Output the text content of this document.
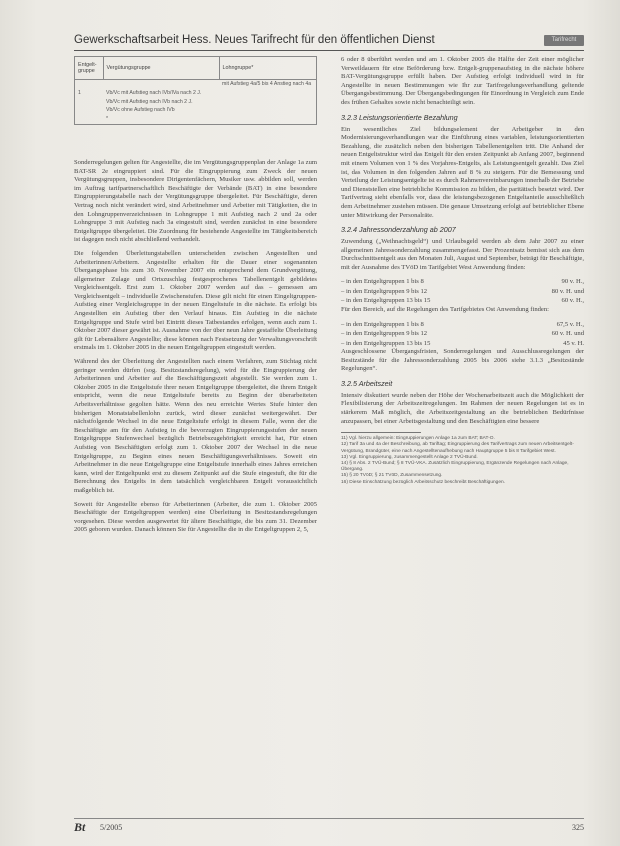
Gewerkschaftsarbeit Hess. Neues Tarifrecht für den öffentlichen Dienst	Tarifrecht
Entgelt-
gruppe	Vergütungsgruppe	Lohngruppe*
		mit Aufstieg 4a/5 bis 4 Anstieg nach 4a
1	Vb/Vc mit Aufstieg nach IVb/IVa nach 2 J.	
	Vb/Vc mit Aufstieg nach IVb nach 2 J.	
	Vb/Vc ohne Aufstieg nach IVb	
	*	

Sonderregelungen gelten für Angestellte, die im Vergütungsgruppenplan der Anlage 1a zum BAT-SR 2e eingruppiert sind. Für die Eingruppierung zum Zweck der neuen Vergütungsgruppen, insbesondere Dirigentenfächern, Musiker usw. abbilden soll, werden im Auftrag tarifpartnerschaftlich Beschäftigte der Verbände (BAT) in eine besondere Eingruppierungstabelle nach der Vergütungsgruppe übergeleitet. Für Beschäftigte, deren Vertrag noch nicht verändert wird, sind Arbeitnehmer und Arbeiter mit Tätigkeiten, die in den Lohngruppenverzeichnissen in Lohngruppe 1 mit Aufstieg nach 2 und 2a oder Lohngruppe 3 mit Aufstieg nach 3a eingestuft sind, werden zunächst in eine besondere Entgeltgruppe übergeleitet. Die Zuordnung für bestehende Angestellte im Tätigkeitsbereich ist dagegen noch nicht abschließend verhandelt.

Die folgenden Überleitungstabellen unterscheiden zwischen Angestellten und Arbeiterinnen/Arbeitern. Angestellte erhalten für die Dauer einer sogenannten Übergangsphase bis zum 30. November 2007 ein entsprechend dem Grundvergütung, allgemeiner Zulage und Ortszuschlag festgesprochenes Tabellenentgelt gebildetes Vergleichsentgelt. Erst zum 1. Oktober 2007 werden auf das – gemessen am Vergleichsentgelt – individuelle Zwischenstufen. Diese gilt nicht für einen Eingeltgruppen-Aufstieg einer Vergleichsgruppe in der neuen Eingeltstufe in die nächste. Es erfolgt bis Angestellten ein Aufstieg über den Verlauf hinaus. Ein Aufstieg in die nächste Entgeltgruppe und Stufe wird bei Eintritt dieses Tatbestandes erfolgen, wenn auch zum 1. Oktober 2007 dieser gewährt ist. Ausnahme von der über neun Jahre gestaffelte Überleitung gilt für Lebensältere Angestellte; diese können nach Festsetzung der Verwaltungsvorschrift erstmals im 1. Oktober 2005 in die neuen Entgeltgruppen eingestuft werden.

Während des der Überleitung der Angestellten nach einem Verfahren, zum Stichtag nicht geringer werden dürfen (sog. Besitzstandsregelung), wird für die Eingruppierung der Arbeiterinnen und Arbeiter auf die Beschäftigungszeit abgestellt. Sie werden zum 1. Oktober 2005 in die Entgeltstufe ihrer neuen Entgeltgruppe übergeleitet, die ihrem Entgelt entspricht, wenn die neue Entgeltstufe bereits zu Beginn der überarbeiteten Arbeitsverhältnisse gegolten hätte. Wenn des neu erreichte Wertes Stufe hinter den bisherigen Monatstabellenlohn zurück, wird dieser zunächst weitergewährt. Der nächstfolgende Wechsel in die neue Entgeltstufe erfolgt in diesem Falle, wenn der die Beschäftigte am für den Aufstieg in die bevorzugten Eingruppierungsstufen der neuen Entgeltgruppe Stufenwechsel bezüglich Betriebszugehörigkeit erreicht hat, Für einen Aufstieg von Beschäftigten erfolgt zum 1. Oktober 2007 der Wechsel in die neue Entgeltgruppe, zu Beginn eines neuen Beschäftigungsverhältnisses. Soweit ein Arbeitnehmer in die neue Entgeltgruppe eine Entgeltstufe innerhalb eines Jahres erreichen kann, wird der Entgeltpunkt erst zu diesem Zeitpunkt auf die Stufe eingestuft, die für die Berechnung des Entgelts in dem tatsächlich vergleichbaren Entgelt voraussichtlich maßgeblich ist.

Soweit für Angestellte ebenso für Arbeiterinnen (Arbeiter, die zum 1. Oktober 2005 Beschäftigte der Entgeltgruppen werden) eine Überleitung in Besitzstandsregelungen vorgesehen. Diese werden ausgewertet für ältere Beschäftigte, die bis zum 31. Dezember 2005 geboren wurden. Danach können Sie für Angestellte die in die Entgeltgruppen 2, 5,

6 oder 8 überführt werden und am 1. Oktober 2005 die Hälfte der Zeit einer möglicher Verweildauern für eine Beförderung bzw. Entgelt-gruppenaufstieg in die nächste höhere BAT-Vergütungsgruppe erfüllt haben. Der Aufstieg erfolgt individuell wird in für Angestellte in neuen Bestimmungen wie Ihr zur Tarifregelungsverhandlung geltende Übergangsbestimmung. Der Übergangsbedingungen für Einordnung in Vergleich zum Ende des frühen Gehaltes sowie nicht benachteiligt sein.

3.2.3 Leistungsorientierte Bezahlung

Ein wesentliches Ziel bildungselement der Arbeitgeber in den Modernisierungsverhandlungen war die Einführung eines variablen, leistungsorientierten Bezahlung, die zusätzlich neben den bisherigen Tabellenentgelten tritt. Die Anhand der neuen Entgeltstruktur wird das Entgelt für den ersten Zeitpunkt ab Anfang 2007, beginnend mit einem Volumen von 1 % des Vorjahres-Entgelts, als Leistungsentgelt gezahlt. Das Ziel ist, das Volumen in den folgenden Jahren auf 8 % zu steigern. Für die Bemessung und Verteilung der Leistungsentgelte ist es durch Rahmenvereinbarungen innerhalb der Betriebe und Dienststellen eine betriebliche Kommission zu bilden, die paritätisch besetzt wird. Der Tarifvertrag sieht ebenfalls vor, dass die leistungsbezogenen Entgeltanteile ausschließlich dem Arbeitnehmer zustehen müssen. Die genaue Umsetzung erfolgt auf betrieblicher Ebene unter Mitwirkung der Personalräte.

3.2.4 Jahressonderzahlung ab 2007

Zuwendung („Weihnachtsgeld“) und Urlaubsgeld werden ab dem Jahr 2007 zu einer allgemeinen Jahressonderzahlung zusammengefasst. Der Prozentsatz bemisst sich aus dem Durchschnittsentgelt aus den Monaten Juli, August und September, beträgt für Beschäftigte, mit der Ausnahme des TVöD im Tarifgebiet West Anwendung finden:

– in den Entgeltgruppen 1 bis 8	90 v. H.,
– in den Entgeltgruppen 9 bis 12	80 v. H. und
– in den Entgeltgruppen 13 bis 15	60 v. H.,

Für den Bereich, auf die Regelungen des Tarifgebietes Ost Anwendung finden:

– in den Entgeltgruppen 1 bis 8	67,5 v. H.,
– in den Entgeltgruppen 9 bis 12	60 v. H. und
– in den Entgeltgruppen 13 bis 15	45 v. H.

Ausgeschlossene Übergangsfristen, Sonderregelungen und Ausschlussregelungen der Besitzstände für die Jahressonderzahlung 2005 bis 2006 siehe 3.1.3 „Besitzstände Regelungen“.

3.2.5 Arbeitszeit

Intensiv diskutiert wurde neben der Höhe der Wochenarbeitszeit auch die Möglichkeit der Flexibilisierung der Arbeitszeitregelungen. Im Rahmen der neuen Regelungen ist es in stärkerem Maß möglich, die Arbeitszeitgestaltung an die betrieblichen Bedürfnisse anzupassen, bei einer Arbeitsgestaltung und den Beschäftigten eine bessere

11) Vgl. hierzu allgemein: Eingruppierungen Anlage 1a zum BAT; BAT-O.

12) Tarif 3a und 4a der Beschreibung, ab Tariftag; Eingruppierung des Tarifvertrags zum neuen Arbeitsentgelt-Vergütung, Brandgüter, eine nach Angestelltenaufhebung nach Hauptgruppe 5 bis 8 Tarifgebiet West.

13) Vgl. Eingruppierung, zusammengestellt Anlage 2 TVÜ-Bund.

14) § 8 Abs. 2 TVÜ-Bund; § 8 TVÜ-VKA. Zusätzlich Eingruppierung, Ergänzende Regelungen nach Anlage, Übergang.

15) § 20 TVöD; § 21 TVöD, Zusammensetzung.

16) Diese Einschätzung bezüglich Arbeitsschutz beschreibt Beschäftigungen.

Bt 5/2005	325
